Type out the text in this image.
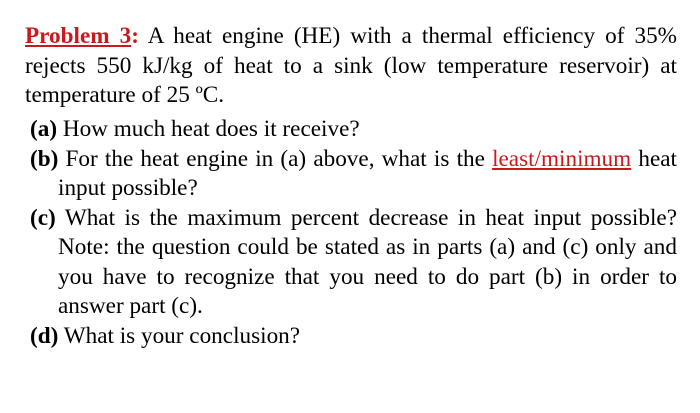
Problem 3: A heat engine (HE) with a thermal efficiency of 35% rejects 550 kJ/kg of heat to a sink (low temperature reservoir) at temperature of 25 ºC.

(a) How much heat does it receive?
(b) For the heat engine in (a) above, what is the least/minimum heat input possible?
(c) What is the maximum percent decrease in heat input possible? Note: the question could be stated as in parts (a) and (c) only and you have to recognize that you need to do part (b) in order to answer part (c).
(d) What is your conclusion?
